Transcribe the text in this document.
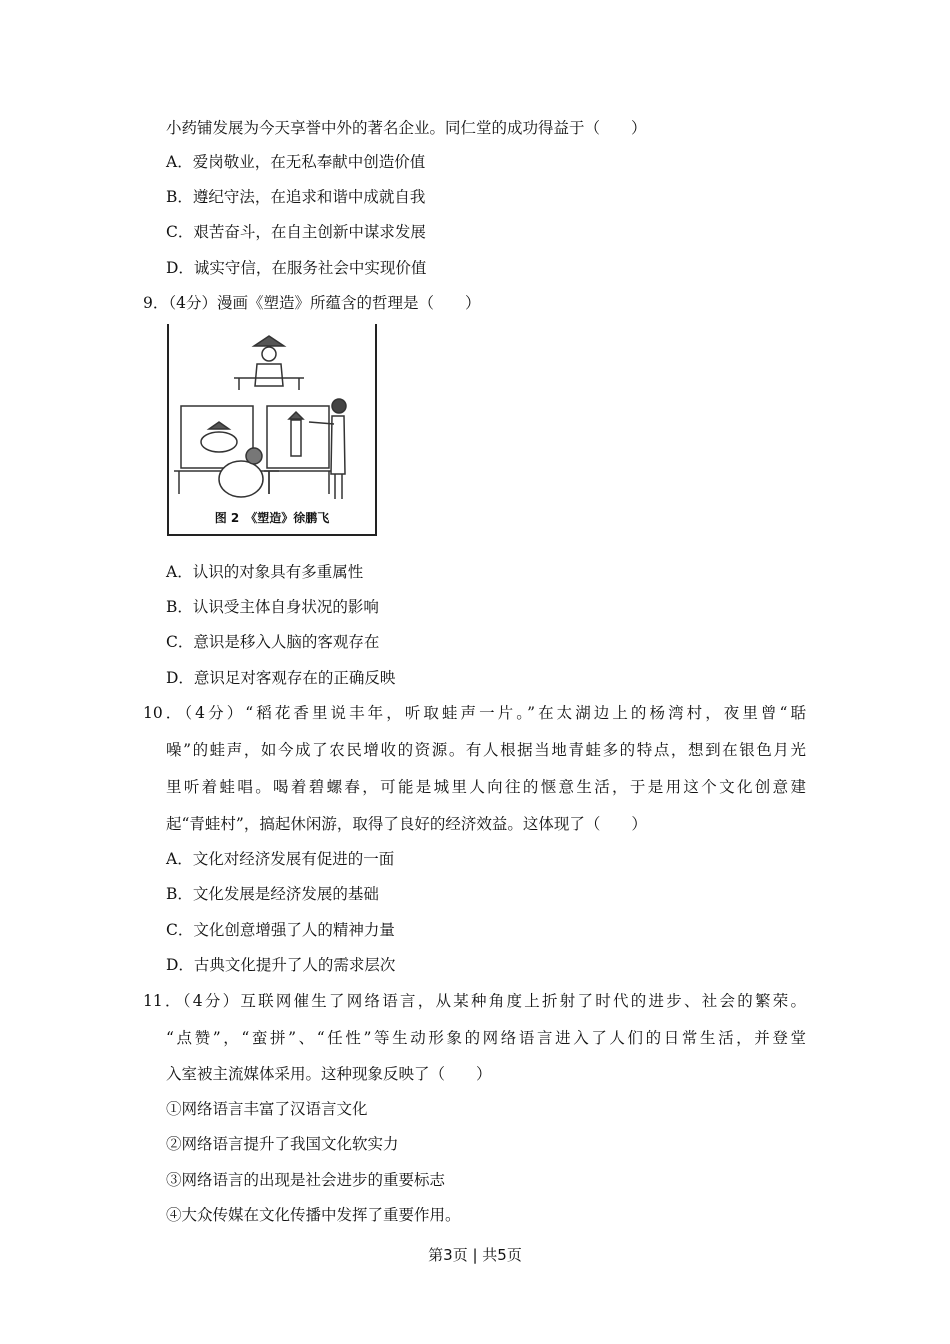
小药铺发展为今天享誉中外的著名企业。同仁堂的成功得益于（　　）
A．爱岗敬业，在无私奉献中创造价值
B．遵纪守法，在追求和谐中成就自我
C．艰苦奋斗，在自主创新中谋求发展
D．诚实守信，在服务社会中实现价值
9．（4分）漫画《塑造》所蕴含的哲理是（　　）
图 2　《塑造》徐鹏飞
A．认识的对象具有多重属性
B．认识受主体自身状况的影响
C．意识是移入人脑的客观存在
D．意识足对客观存在的正确反映
10．（4分）“稻花香里说丰年，听取蛙声一片。”在太湖边上的杨湾村，夜里曾“聒
噪”的蛙声，如今成了农民增收的资源。有人根据当地青蛙多的特点，想到在银色月光
里听着蛙唱。喝着碧螺春，可能是城里人向往的惬意生活，于是用这个文化创意建
起“青蛙村”，搞起休闲游，取得了良好的经济效益。这体现了（　　）
A．文化对经济发展有促进的一面
B．文化发展是经济发展的基础
C．文化创意增强了人的精神力量
D．古典文化提升了人的需求层次
11．（4分）互联网催生了网络语言，从某种角度上折射了时代的进步、社会的繁荣。
“点赞”，“蛮拼”、“任性”等生动形象的网络语言进入了人们的日常生活，并登堂
入室被主流媒体采用。这种现象反映了（　　）
①网络语言丰富了汉语言文化
②网络语言提升了我国文化软实力
③网络语言的出现是社会进步的重要标志
④大众传媒在文化传播中发挥了重要作用。
第3页 | 共5页
